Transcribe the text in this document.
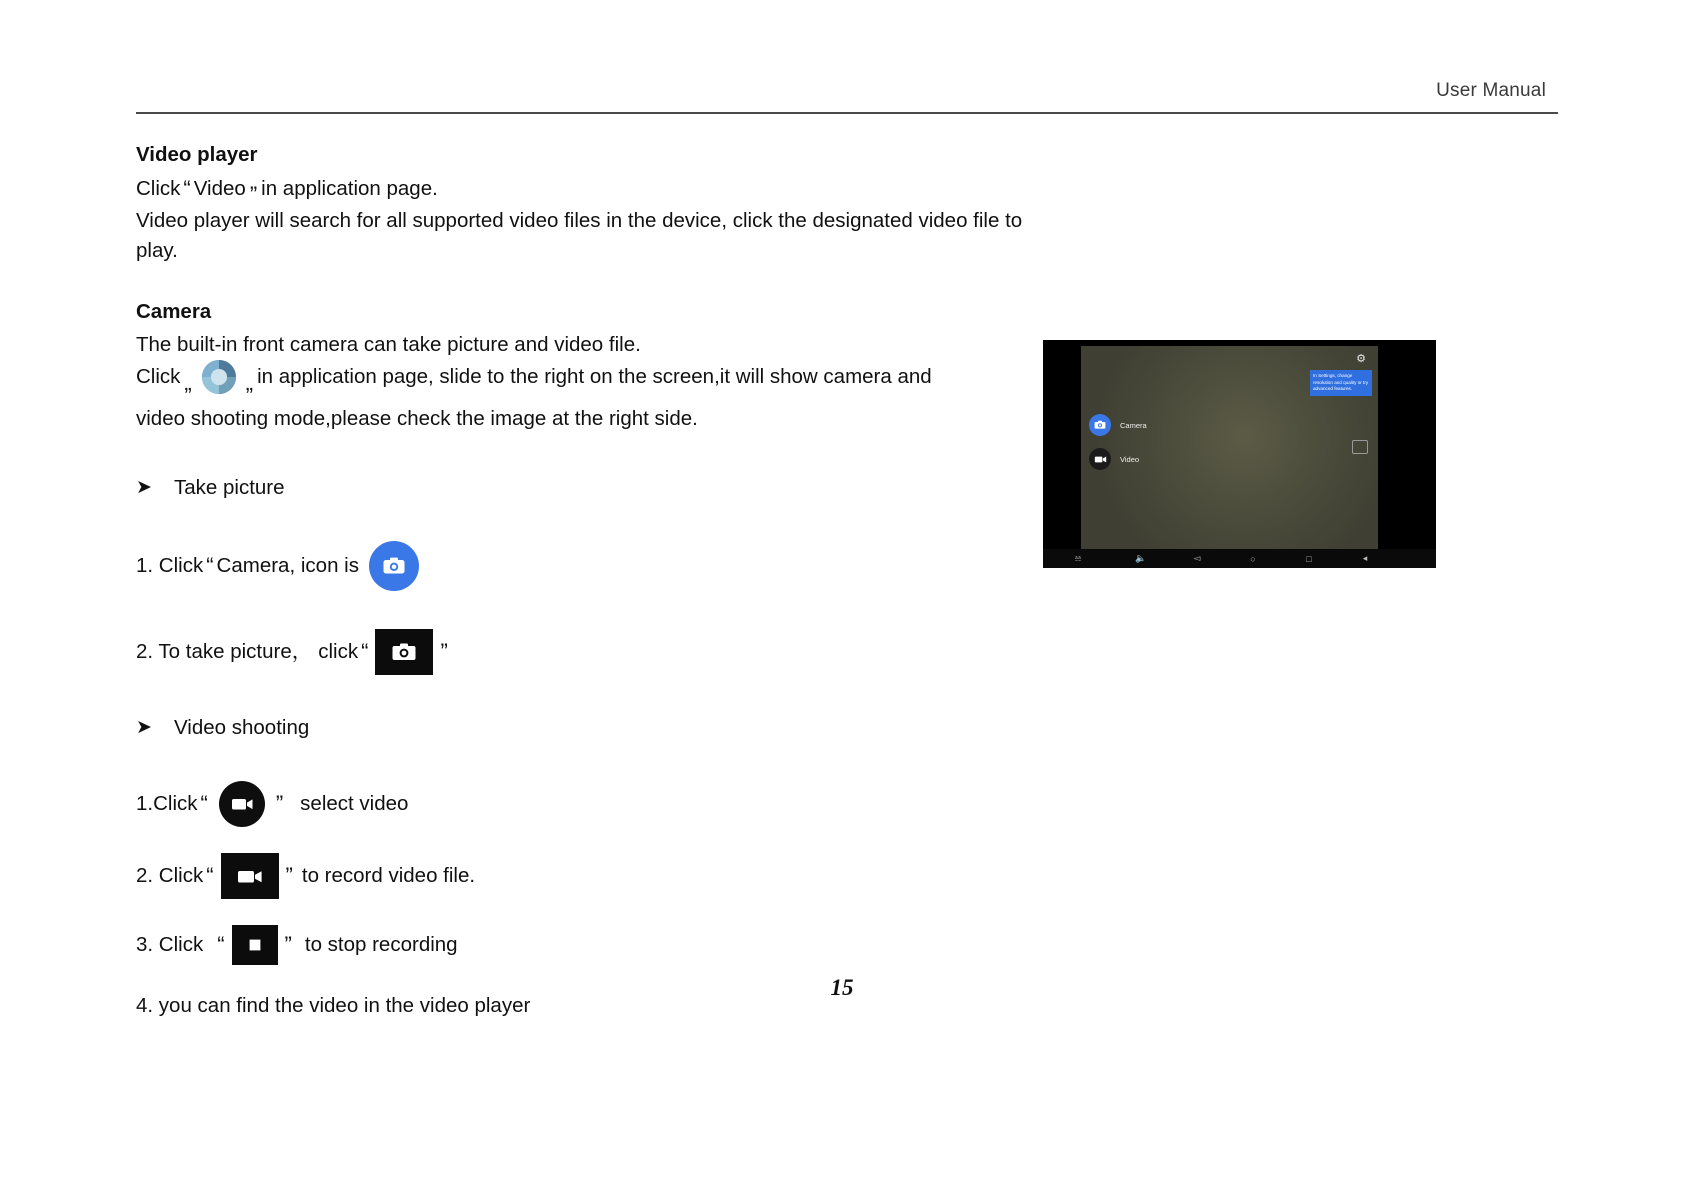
User Manual
Video player
Click “ Video ” in application page.
Video player will search for all supported video files in the device, click the designated video file to
play.
Camera
The built-in front camera can take picture and video file.
Click „ „ in application page, slide to the right on the screen,it will show camera and
video shooting mode,please check the image at the right side.
➤	Take picture
1. Click “ Camera , icon is
2. To take picture ， click “	”
➤	Video shooting
1.Click “	” select video
2. Click “	” to record video file.
3. Click “	” to stop recording
4. you can find the video in the video player
⚙
In Settings, change resolution and quality or try advanced features.
Camera
Video
⎂	🔈	◅	○	□	◂
15
